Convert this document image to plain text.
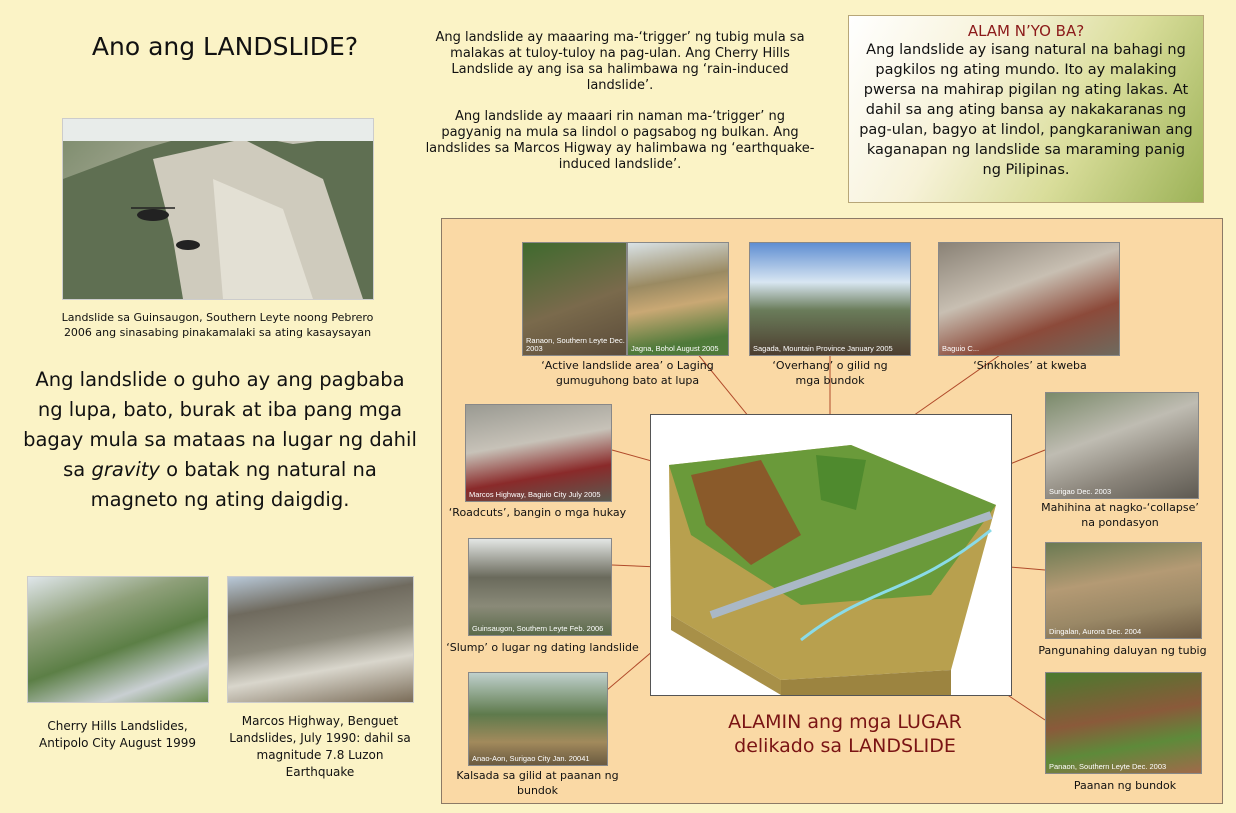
Ano ang LANDSLIDE?
Landslide sa Guinsaugon, Southern Leyte noong Pebrero 2006 ang sinasabing pinakamalaki sa ating kasaysayan
Ang landslide o guho ay ang pagbaba ng lupa, bato, burak at iba pang mga bagay mula sa mataas na lugar ng dahil sa gravity o batak ng natural na magneto ng ating daigdig.
Cherry Hills Landslides, Antipolo City August 1999
Marcos Highway, Benguet Landslides, July 1990: dahil sa magnitude 7.8 Luzon Earthquake

Ang landslide ay maaaring ma-‘trigger’ ng tubig mula sa malakas at tuloy-tuloy na pag-ulan. Ang Cherry Hills Landslide ay ang isa sa halimbawa ng ‘rain-induced landslide’.

Ang landslide ay maaari rin naman ma-‘trigger’ ng pagyanig na mula sa lindol o pagsabog ng bulkan. Ang landslides sa Marcos Higway ay halimbawa ng ‘earthquake-induced landslide’.

ALAM N’YO BA?
Ang landslide ay isang natural na bahagi ng pagkilos ng ating mundo. Ito ay malaking pwersa na mahirap pigilan ng ating lakas. At dahil sa ang ating bansa ay nakakaranas ng pag-ulan, bagyo at lindol, pangkaraniwan ang kaganapan ng landslide sa maraming panig ng Pilipinas.
Ranaon, Southern Leyte Dec. 2003	Jagna, Bohol August 2005	Sagada, Mountain Province January 2005	Baguio C...
‘Active landslide area’ o Laging gumuguhong bato at lupa
‘Overhang’ o gilid ng mga bundok
‘Sinkholes’ at kweba
Marcos Highway, Baguio City July 2005
‘Roadcuts’, bangin o mga hukay
Guinsaugon, Southern Leyte Feb. 2006
‘Slump’ o lugar ng dating landslide
Anao-Aon, Surigao City Jan. 20041
Kalsada sa gilid at paanan ng bundok
Surigao Dec. 2003
Mahihina at nagko-‘collapse’ na pondasyon
Dingalan, Aurora Dec. 2004
Pangunahing daluyan ng tubig
Panaon, Southern Leyte Dec. 2003
Paanan ng bundok
ALAMIN ang mga LUGAR delikado sa LANDSLIDE
